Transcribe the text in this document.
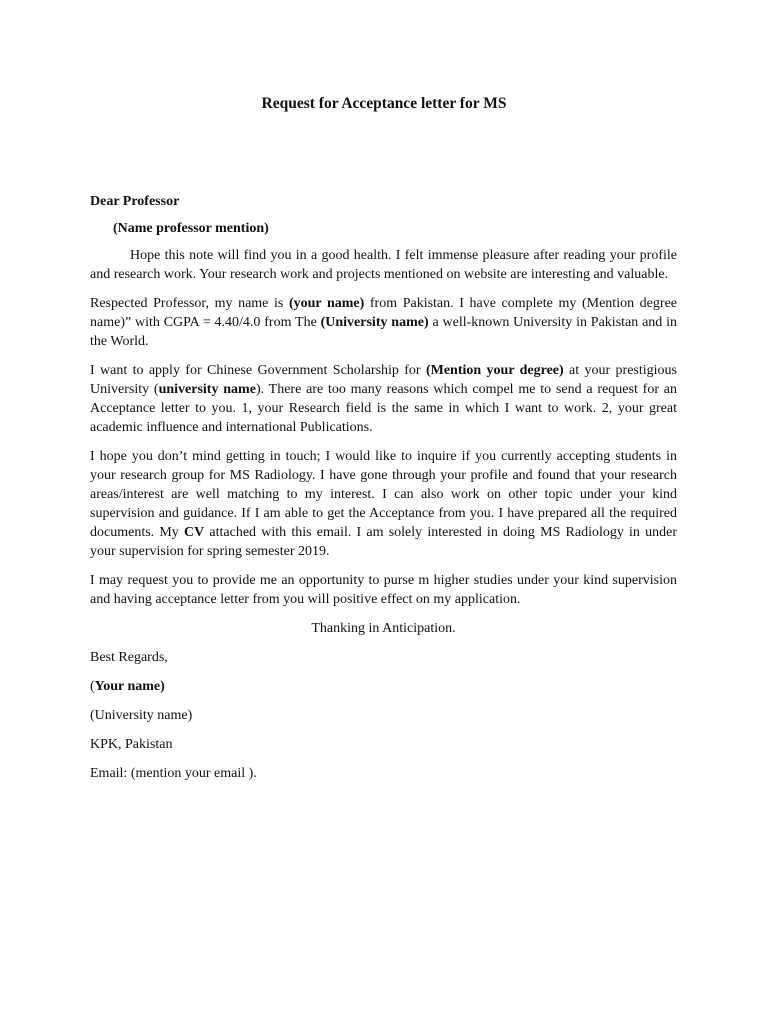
Request for Acceptance letter for MS
Dear Professor
(Name professor mention)

Hope this note will find you in a good health. I felt immense pleasure after reading your profile and research work. Your research work and projects mentioned on website are interesting and valuable.

Respected Professor, my name is (your name) from Pakistan. I have complete my (Mention degree name)” with CGPA = 4.40/4.0 from The (University name) a well-known University in Pakistan and in the World.

I want to apply for Chinese Government Scholarship for (Mention your degree) at your prestigious University (university name). There are too many reasons which compel me to send a request for an Acceptance letter to you. 1, your Research field is the same in which I want to work. 2, your great academic influence and international Publications.

I hope you don’t mind getting in touch; I would like to inquire if you currently accepting students in your research group for MS Radiology. I have gone through your profile and found that your research areas/interest are well matching to my interest. I can also work on other topic under your kind supervision and guidance. If I am able to get the Acceptance from you. I have prepared all the required documents. My CV attached with this email. I am solely interested in doing MS Radiology in under your supervision for spring semester 2019.

I may request you to provide me an opportunity to purse m higher studies under your kind supervision and having acceptance letter from you will positive effect on my application.

Thanking in Anticipation.
Best Regards,
(Your name)
(University name)
KPK, Pakistan
Email: (mention your email ).
